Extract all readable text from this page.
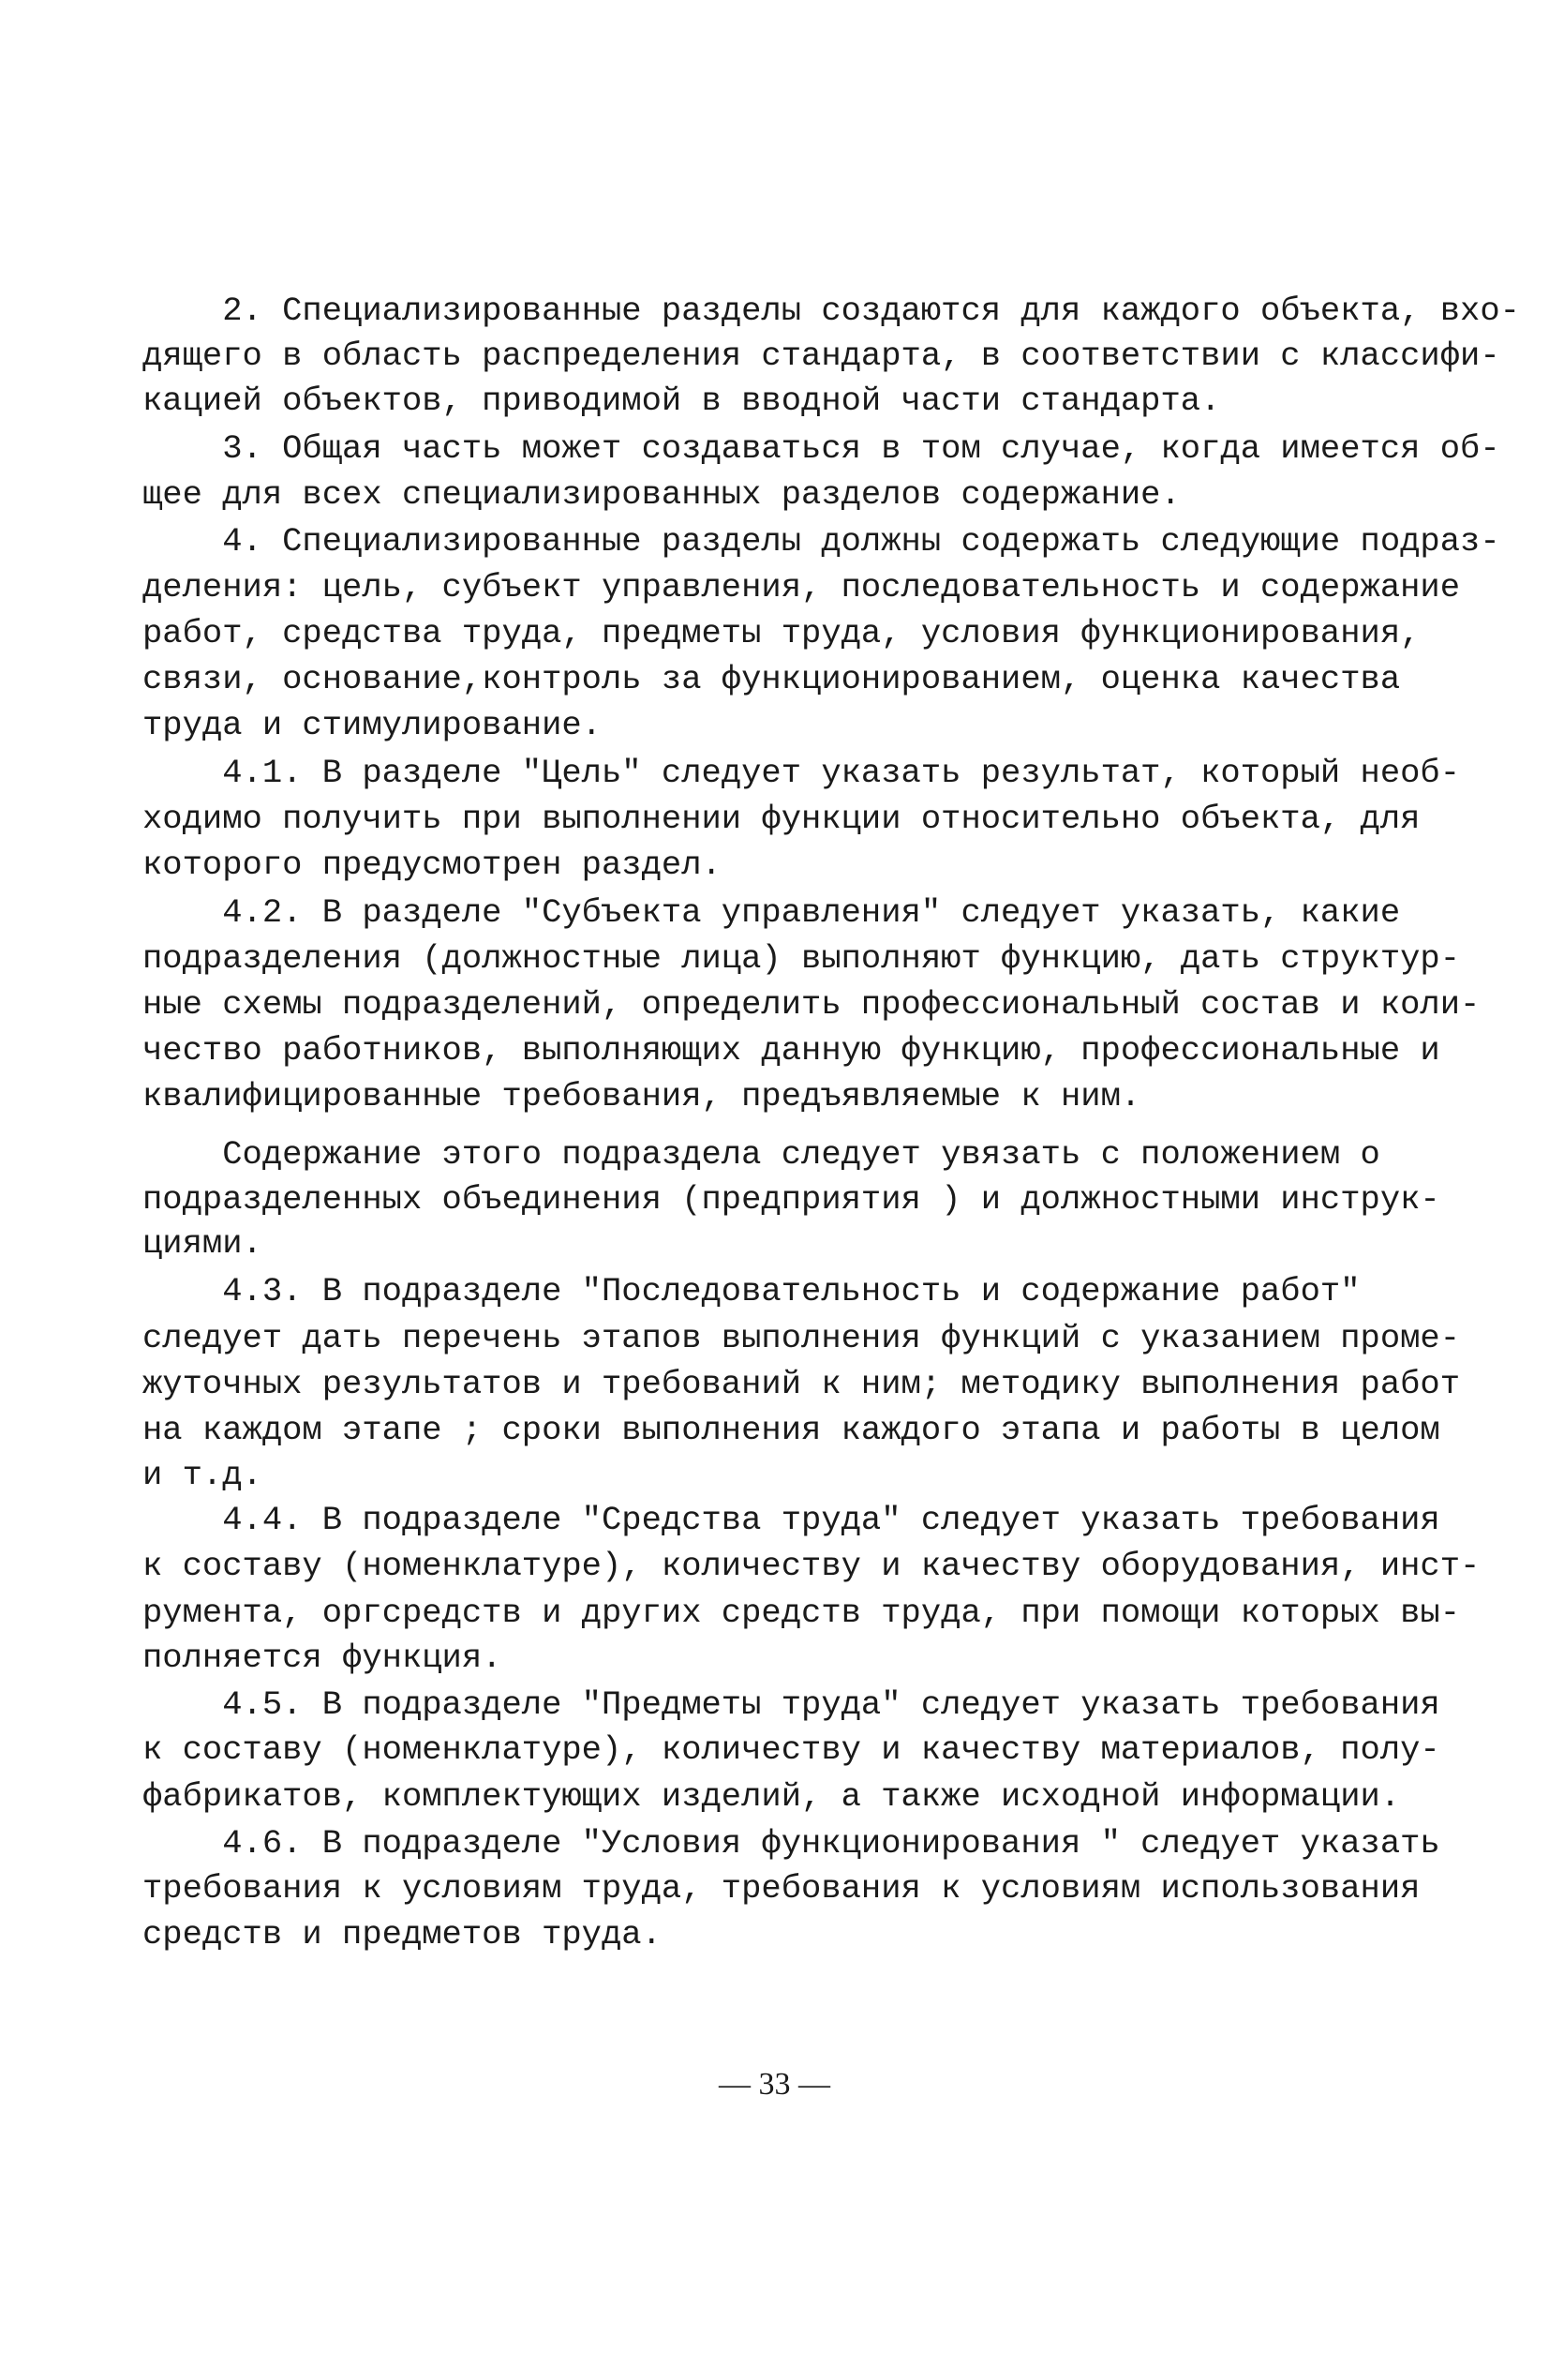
2. Специализированные разделы создаются для каждого объекта, вхо-
дящего в область распределения стандарта, в соответствии с классифи-
кацией объектов, приводимой в вводной части стандарта.
3. Общая часть может создаваться в том случае, когда имеется об-
щее для всех специализированных разделов содержание.
4. Специализированные разделы должны содержать следующие подраз-
деления: цель, субъект управления, последовательность и содержание
работ, средства труда, предметы труда, условия функционирования,
связи, основание,контроль за функционированием, оценка качества
труда и стимулирование.
4.1. В разделе "Цель" следует указать результат, который необ-
ходимо получить при выполнении функции относительно объекта, для
которого предусмотрен раздел.
4.2. В разделе "Субъекта управления" следует указать, какие
подразделения (должностные лица) выполняют функцию, дать структур-
ные схемы подразделений, определить профессиональный состав и коли-
чество работников, выполняющих данную функцию, профессиональные и
квалифицированные требования, предъявляемые к ним.
Содержание этого подраздела следует увязать с положением о
подразделенных объединения (предприятия ) и должностными инструк-
циями.
4.3. В подразделе "Последовательность и содержание работ"
следует дать перечень этапов выполнения функций с указанием проме-
жуточных результатов и требований к ним; методику выполнения работ
на каждом этапе ; сроки выполнения каждого этапа и работы в целом
и т.д.
4.4. В подразделе "Средства труда" следует указать требования
к составу (номенклатуре), количеству и качеству оборудования, инст-
румента, оргсредств и других средств труда, при помощи которых вы-
полняется функция.
4.5. В подразделе "Предметы труда" следует указать требования
к составу (номенклатуре), количеству и качеству материалов, полу-
фабрикатов, комплектующих изделий, а также исходной информации.
4.6. В подразделе "Условия функционирования " следует указать
требования к условиям труда, требования к условиям использования
средств и предметов труда.
— 33 —
